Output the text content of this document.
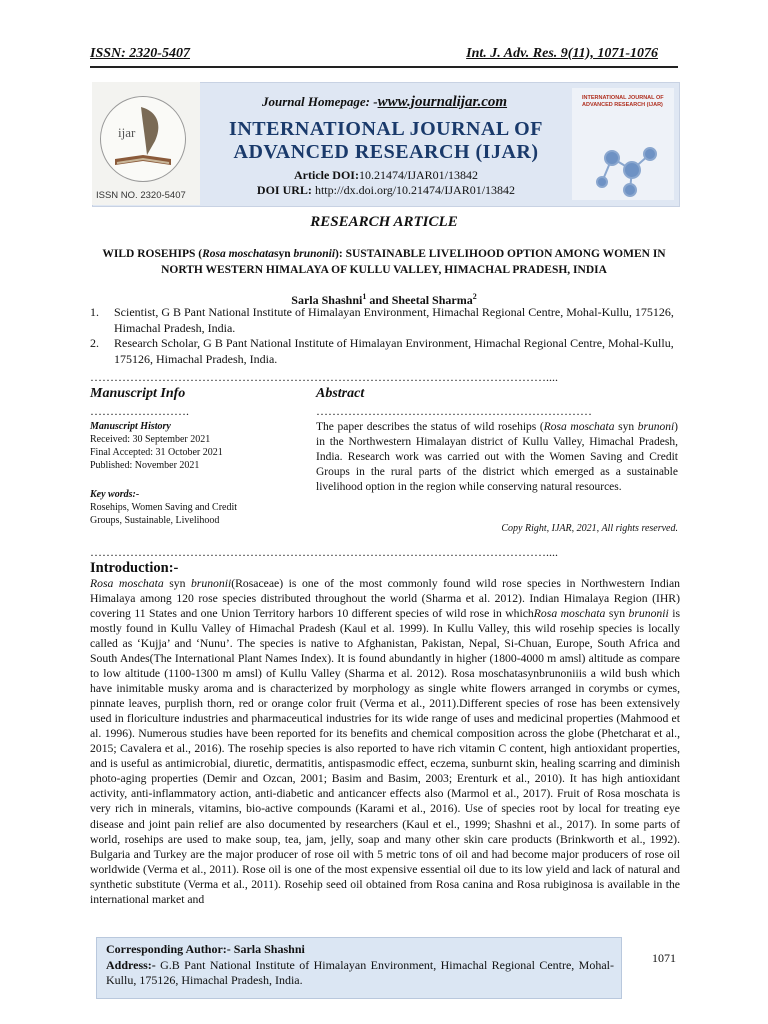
ISSN: 2320-5407	Int. J. Adv. Res. 9(11), 1071-1076
ijar
ISSN NO. 2320-5407
INTERNATIONAL JOURNAL OF ADVANCED RESEARCH (IJAR)
Journal Homepage: -www.journalijar.com
INTERNATIONAL JOURNAL OF ADVANCED RESEARCH (IJAR)
Article DOI:10.21474/IJAR01/13842
DOI URL: http://dx.doi.org/10.21474/IJAR01/13842
RESEARCH ARTICLE
WILD ROSEHIPS (Rosa moschatasyn brunonii): SUSTAINABLE LIVELIHOOD OPTION AMONG WOMEN IN NORTH WESTERN HIMALAYA OF KULLU VALLEY, HIMACHAL PRADESH, INDIA
Sarla Shashni$^1$ and Sheetal Sharma$^2$
1.	Scientist, G B Pant National Institute of Himalayan Environment, Himachal Regional Centre, Mohal-Kullu, 175126, Himachal Pradesh, India.
2.	Research Scholar, G B Pant National Institute of Himalayan Environment, Himachal Regional Centre, Mohal-Kullu, 175126, Himachal Pradesh, India.
……………………………………………………………………………………………………....
Manuscript Info	Abstract
…………………….	……………………………………………………………
Manuscript History
Received: 30 September 2021
Final Accepted: 31 October 2021
Published: November 2021
Key words:-
Rosehips, Women Saving and Credit Groups, Sustainable, Livelihood
The paper describes the status of wild rosehips (Rosa moschata syn brunoni) in the Northwestern Himalayan district of Kullu Valley, Himachal Pradesh, India. Research work was carried out with the Women Saving and Credit Groups in the rural parts of the district which emerged as a sustainable livelihood option in the region while conserving natural resources.
Copy Right, IJAR, 2021, All rights reserved.
……………………………………………………………………………………………………....
Introduction:-
Rosa moschata syn brunonii(Rosaceae) is one of the most commonly found wild rose species in Northwestern Indian Himalaya among 120 rose species distributed throughout the world (Sharma et al. 2012). Indian Himalaya Region (IHR) covering 11 States and one Union Territory harbors 10 different species of wild rose in whichRosa moschata syn brunonii is mostly found in Kullu Valley of Himachal Pradesh (Kaul et al. 1999). In Kullu Valley, this wild rosehip species is locally called as ‘Kujja’ and ‘Nunu’. The species is native to Afghanistan, Pakistan, Nepal, Si-Chuan, Europe, South Africa and South Andes(The International Plant Names Index). It is found abundantly in higher (1800-4000 m amsl) altitude as compare to low altitude (1100-1300 m amsl) of Kullu Valley (Sharma et al. 2012). Rosa moschatasynbrunoniiis a wild bush which have inimitable musky aroma and is characterized by morphology as single white flowers arranged in corymbs or cymes, pinnate leaves, purplish thorn, red or orange color fruit (Verma et al., 2011).Different species of rose has been extensively used in floriculture industries and pharmaceutical industries for its wide range of uses and medicinal properties (Mahmood et al. 1996). Numerous studies have been reported for its benefits and chemical composition across the globe (Phetcharat et al., 2015; Cavalera et al., 2016). The rosehip species is also reported to have rich vitamin C content, high antioxidant properties, and is useful as antimicrobial, diuretic, dermatitis, antispasmodic effect, eczema, sunburnt skin, healing scarring and diminish photo-aging properties (Demir and Ozcan, 2001; Basim and Basim, 2003; Erenturk et al., 2010). It has high antioxidant activity, anti-inflammatory action, anti-diabetic and anticancer effects also (Marmol et al., 2017). Fruit of Rosa moschata is very rich in minerals, vitamins, bio-active compounds (Karami et al., 2016). Use of species root by local for treating eye disease and joint pain relief are also documented by researchers (Kaul et el., 1999; Shashni et al., 2017). In some parts of world, rosehips are used to make soup, tea, jam, jelly, soap and many other skin care products (Brinkworth et al., 1992). Bulgaria and Turkey are the major producer of rose oil with 5 metric tons of oil and had become major producers of rose oil worldwide (Verma et al., 2011). Rose oil is one of the most expensive essential oil due to its low yield and lack of natural and synthetic substitute (Verma et al., 2011). Rosehip seed oil obtained from Rosa canina and Rosa rubiginosa is available in the international market and
Corresponding Author:- Sarla Shashni
Address:- G.B Pant National Institute of Himalayan Environment, Himachal Regional Centre, Mohal-Kullu, 175126, Himachal Pradesh, India.
1071
